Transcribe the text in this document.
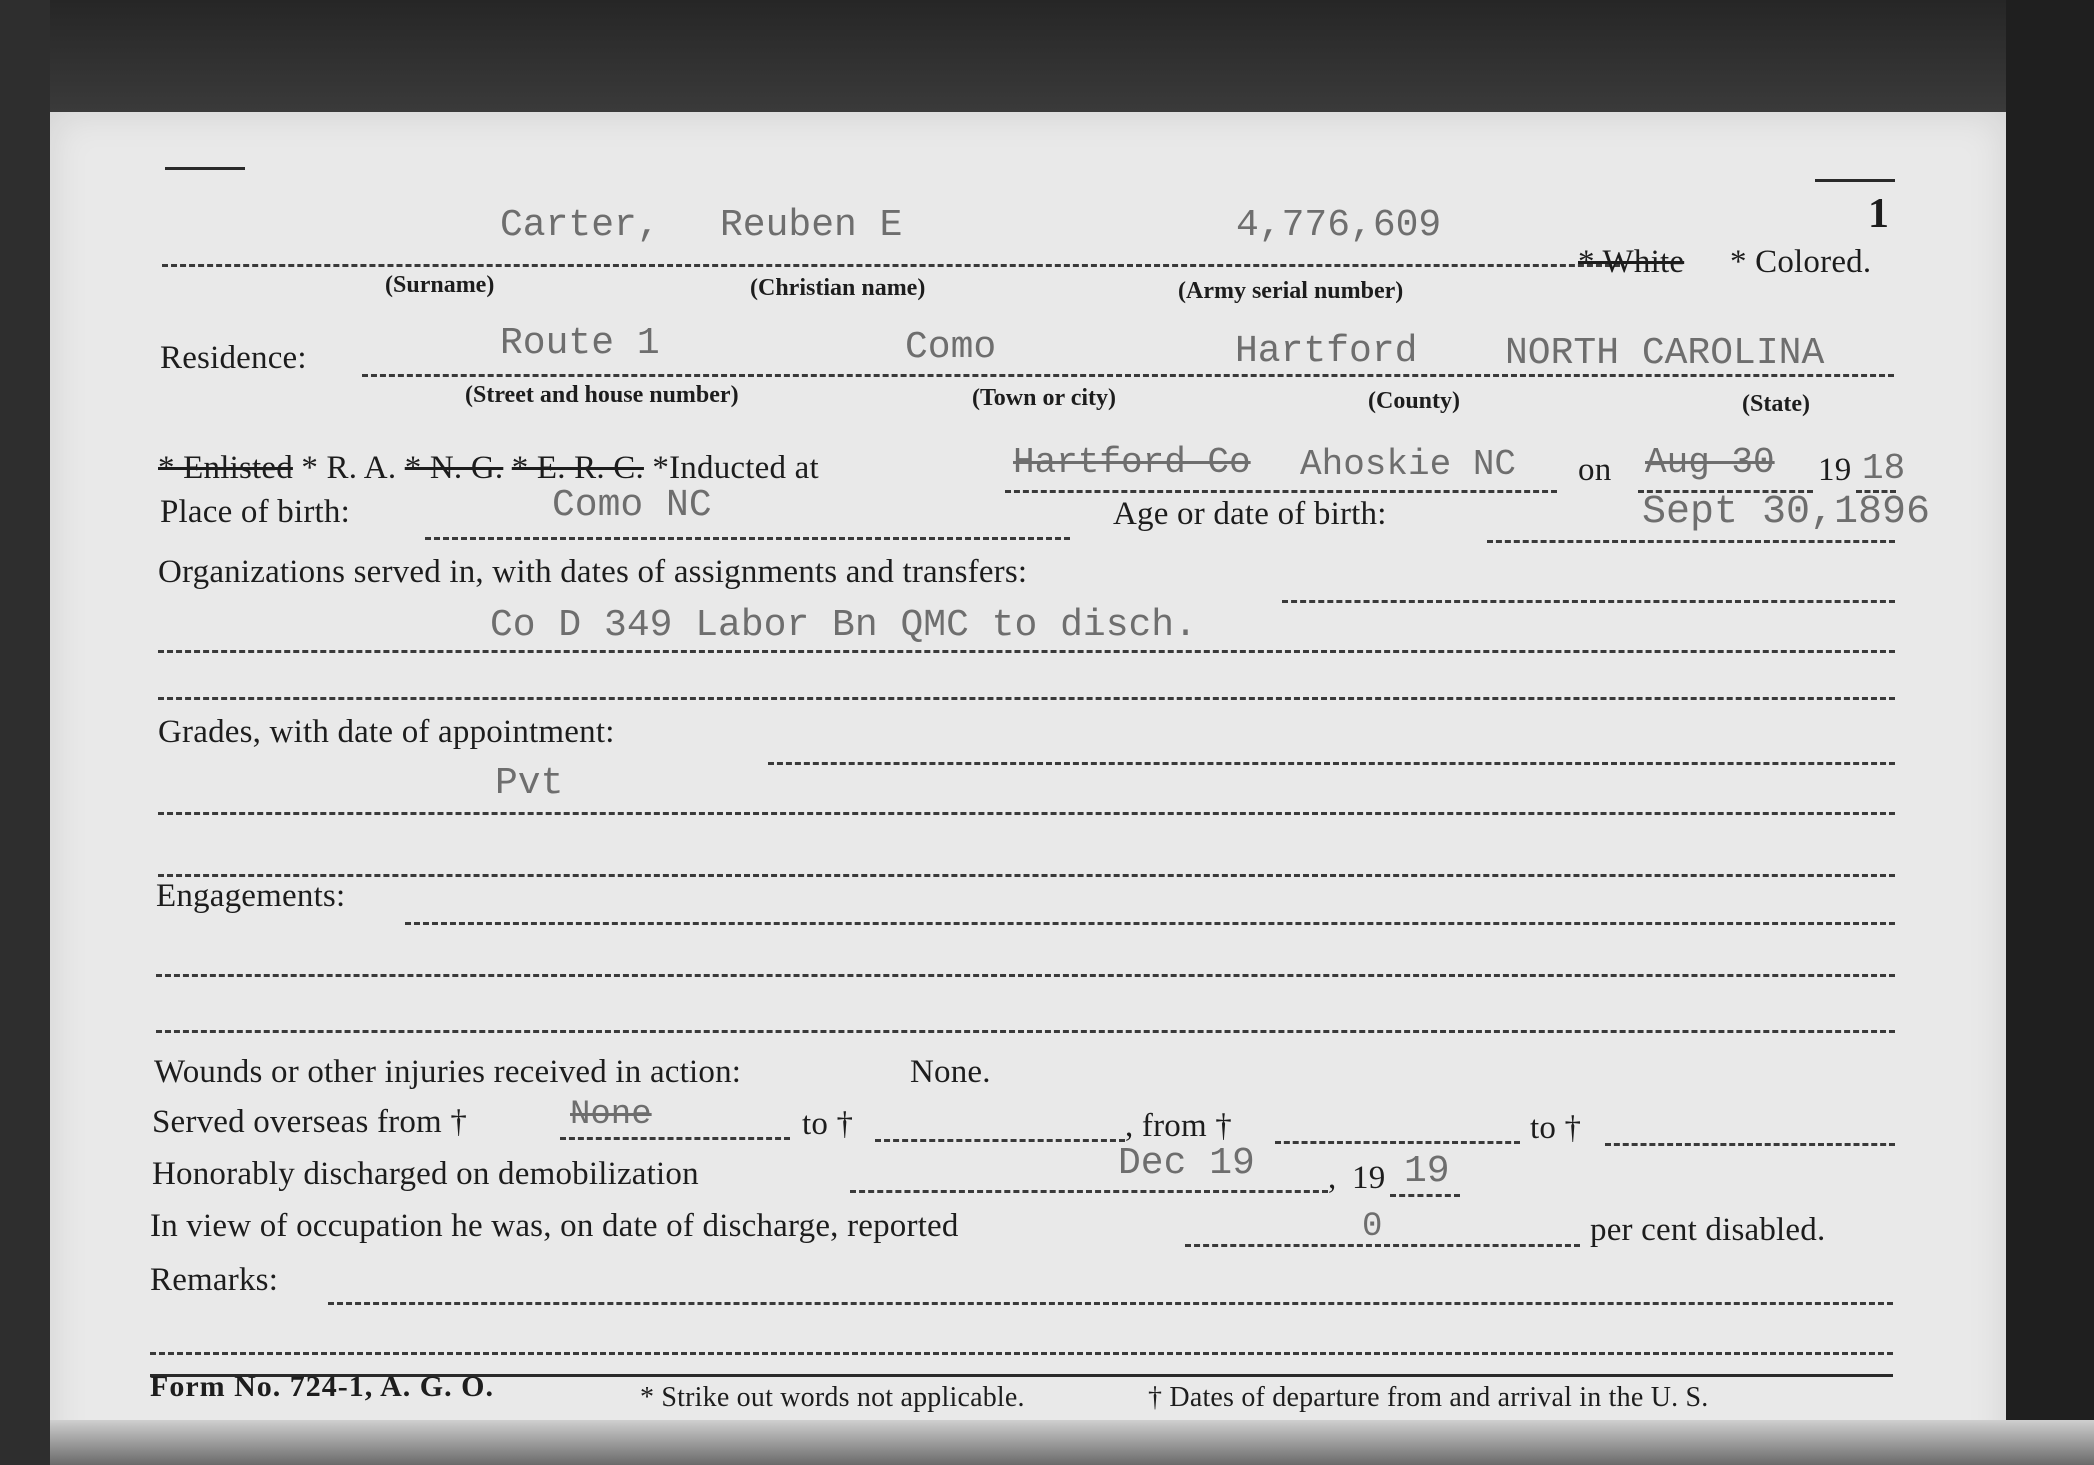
1
Carter, Reuben E	4,776,609
* White * Colored.
(Surname)	(Christian name)	(Army serial number)
Residence:	Route 1	Como	Hartford NORTH CAROLINA
(Street and house number)	(Town or city)	(County)	(State)
* Enlisted * R. A. * N. G. * E. R. C. *Inducted at	Hartford Co Ahoskie NC on Aug 30 19 18
Place of birth:	Como NC	Age or date of birth:	Sept 30,1896
Organizations served in, with dates of assignments and transfers:
Co D 349 Labor Bn QMC to disch.
Grades, with date of appointment:
Pvt
Engagements:
Wounds or other injuries received in action:	None.
Served overseas from †	None	to †	, from †	to †
Honorably discharged on demobilization	Dec 19 , 19 19
In view of occupation he was, on date of discharge, reported	0	per cent disabled.
Remarks:
Form No. 724-1, A. G. O.	* Strike out words not applicable.	† Dates of departure from and arrival in the U. S.
